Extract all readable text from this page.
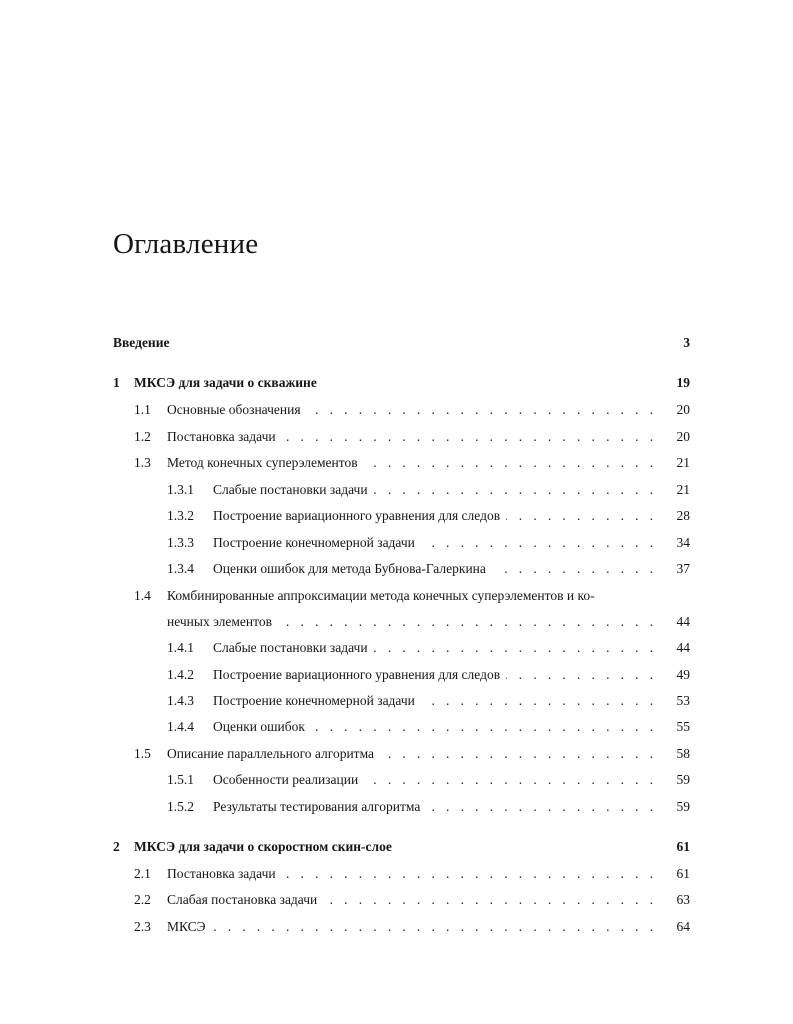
Оглавление
Введение	3
1 МКСЭ для задачи о скважине	19
1.1 Основные обозначения . . .	20
1.2 Постановка задачи . . .	20
1.3 Метод конечных суперэлементов . . .	21
1.3.1 Слабые постановки задачи . . .	21
1.3.2 Построение вариационного уравнения для следов . . .	28
1.3.3 Построение конечномерной задачи . . .	34
1.3.4 Оценки ошибок для метода Бубнова-Галеркина . . .	37
1.4 Комбинированные аппроксимации метода конечных суперэлементов и ко-
нечных элементов . . .	44
1.4.1 Слабые постановки задачи . . .	44
1.4.2 Построение вариационного уравнения для следов . . .	49
1.4.3 Построение конечномерной задачи . . .	53
1.4.4 Оценки ошибок . . .	55
1.5 Описание параллельного алгоритма . . .	58
1.5.1 Особенности реализации . . .	59
1.5.2 Результаты тестирования алгоритма . . .	59
2 МКСЭ для задачи о скоростном скин-слое	61
2.1 Постановка задачи . . .	61
2.2 Слабая постановка задачи . . .	63
2.3 МКСЭ . . .	64
